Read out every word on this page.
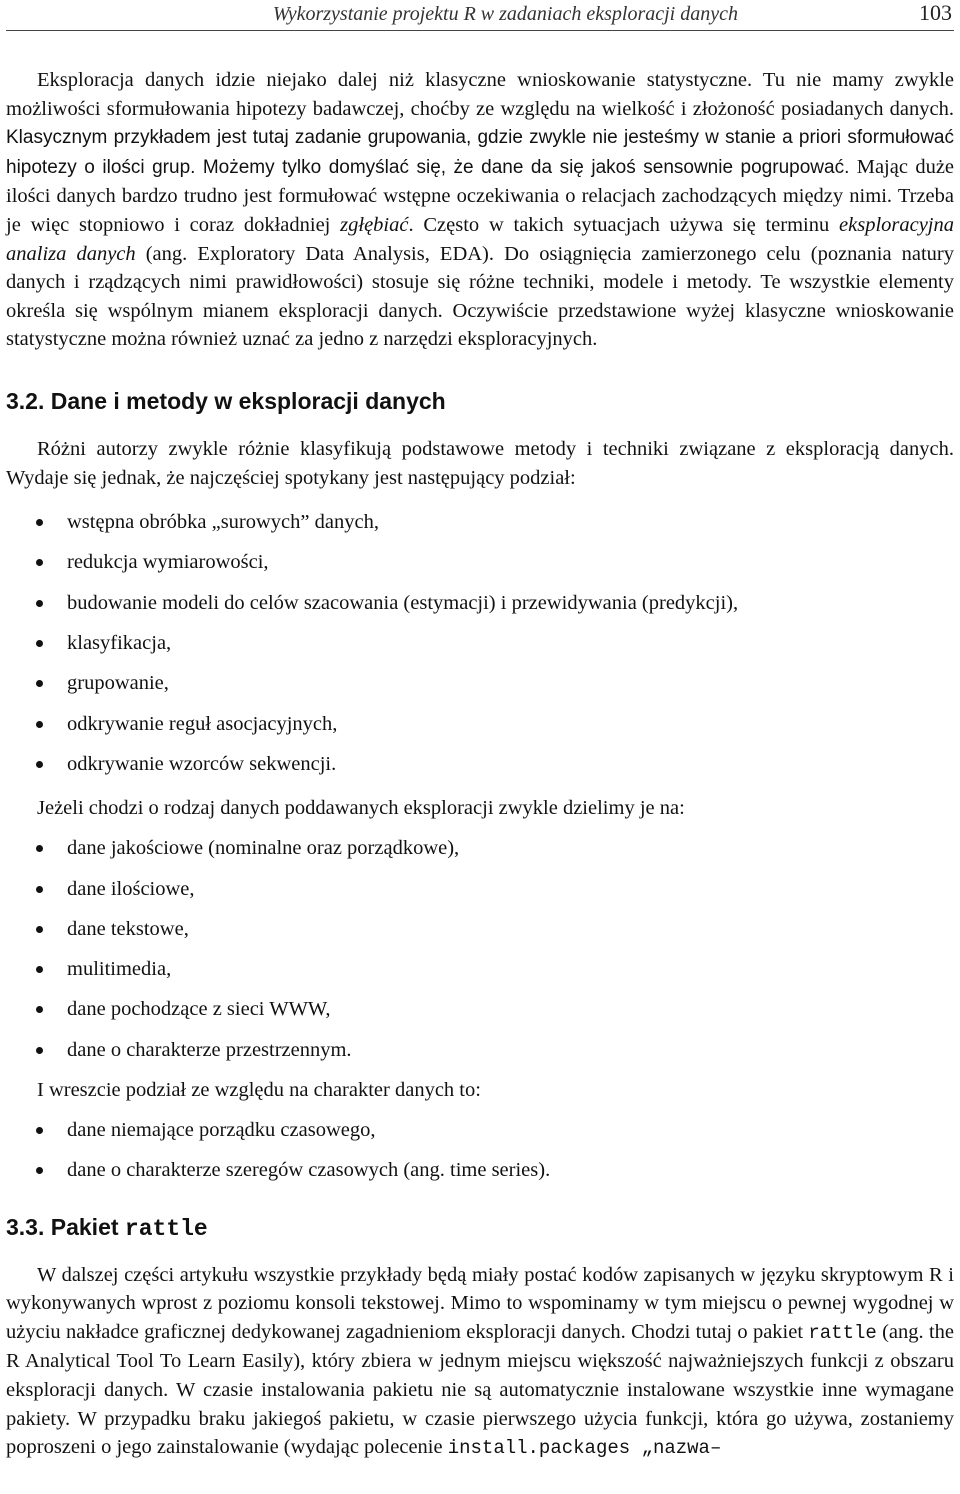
Wykorzystanie projektu R w zadaniach eksploracji danych	103

Eksploracja danych idzie niejako dalej niż klasyczne wnioskowanie statystyczne. Tu nie mamy zwykle możliwości sformułowania hipotezy badawczej, choćby ze względu na wielkość i złożoność posiadanych danych. Klasycznym przykładem jest tutaj zadanie grupowania, gdzie zwykle nie jesteśmy w stanie a priori sformułować hipotezy o ilości grup. Możemy tylko domyślać się, że dane da się jakoś sensownie pogrupować. Mając duże ilości danych bardzo trudno jest formułować wstępne oczekiwania o relacjach zachodzących między nimi. Trzeba je więc stopniowo i coraz dokładniej zgłębiać. Często w takich sytuacjach używa się terminu eksploracyjna analiza danych (ang. Exploratory Data Analysis, EDA). Do osiągnięcia zamierzonego celu (poznania natury danych i rządzących nimi prawidłowości) stosuje się różne techniki, modele i metody. Te wszystkie elementy określa się wspólnym mianem eksploracji danych. Oczywiście przedstawione wyżej klasyczne wnioskowanie statystyczne można również uznać za jedno z narzędzi eksploracyjnych.

3.2. Dane i metody w eksploracji danych

Różni autorzy zwykle różnie klasyfikują podstawowe metody i techniki związane z eksploracją danych. Wydaje się jednak, że najczęściej spotykany jest następujący podział:

wstępna obróbka „surowych” danych,
redukcja wymiarowości,
budowanie modeli do celów szacowania (estymacji) i przewidywania (predykcji),
klasyfikacja,
grupowanie,
odkrywanie reguł asocjacyjnych,
odkrywanie wzorców sekwencji.

Jeżeli chodzi o rodzaj danych poddawanych eksploracji zwykle dzielimy je na:

dane jakościowe (nominalne oraz porządkowe),
dane ilościowe,
dane tekstowe,
mulitimedia,
dane pochodzące z sieci WWW,
dane o charakterze przestrzennym.

I wreszcie podział ze względu na charakter danych to:

dane niemające porządku czasowego,
dane o charakterze szeregów czasowych (ang. time series).
3.3. Pakiet rattle

W dalszej części artykułu wszystkie przykłady będą miały postać kodów zapisanych w języku skryptowym R i wykonywanych wprost z poziomu konsoli tekstowej. Mimo to wspominamy w tym miejscu o pewnej wygodnej w użyciu nakładce graficznej dedykowanej zagadnieniom eksploracji danych. Chodzi tutaj o pakiet rattle (ang. the R Analytical Tool To Learn Easily), który zbiera w jednym miejscu większość najważniejszych funkcji z obszaru eksploracji danych. W czasie instalowania pakietu nie są automatycznie instalowane wszystkie inne wymagane pakiety. W przypadku braku jakiegoś pakietu, w czasie pierwszego użycia funkcji, która go używa, zostaniemy poproszeni o jego zainstalowanie (wydając polecenie install.packages „nazwa–
